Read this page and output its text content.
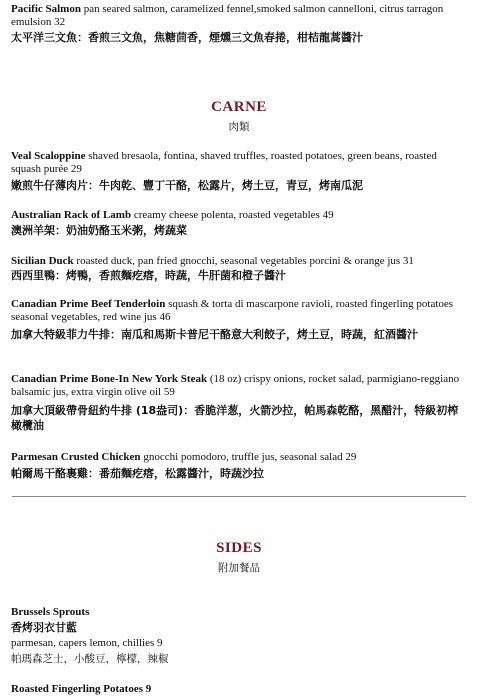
Pacific Salmon pan seared salmon, caramelized fennel,smoked salmon cannelloni, citrus tarragon emulsion 32
太平洋三文魚：香煎三文魚，焦糖茴香，煙燻三文魚春捲，柑桔龍蒿醬汁
CARNE
肉類
Veal Scaloppine shaved bresaola, fontina, shaved truffles, roasted potatoes, green beans, roasted squash purée 29
嫩煎牛仔薄肉片：牛肉乾、豐丁干酪，松露片，烤土豆，青豆，烤南瓜泥
Australian Rack of Lamb creamy cheese polenta, roasted vegetables 49
澳洲羊架：奶油奶酪玉米粥，烤蔬菜
Sicilian Duck roasted duck, pan fried gnocchi, seasonal vegetables porcini & orange jus 31
西西里鴨：烤鴨，香煎麵疙瘩，時蔬，牛肝菌和橙子醬汁
Canadian Prime Beef Tenderloin squash & torta di mascarpone ravioli, roasted fingerling potatoes seasonal vegetables, red wine jus 46
加拿大特級菲力牛排：南瓜和馬斯卡普尼干酪意大利餃子，烤土豆，時蔬，紅酒醬汁
Canadian Prime Bone-In New York Steak (18 oz) crispy onions, rocket salad, parmigiano-reggiano balsamic jus, extra virgin olive oil 59
加拿大頂級帶骨紐約牛排 (18盎司)：香脆洋葱，火箭沙拉，帕馬森乾酪，黑醋汁，特級初榨橄欖油
Parmesan Crusted Chicken gnocchi pomodoro, truffle jus, seasonal salad 29
帕爾馬干酪裹雞：番茄麵疙瘩，松露醬汁，時蔬沙拉
SIDES
附加餐品
Brussels Sprouts
香烤羽衣甘藍
parmesan, capers lemon, chillies 9
帕瑪森芝士，小酸豆，檸檬，辣椒
Roasted Fingerling Potatoes 9
